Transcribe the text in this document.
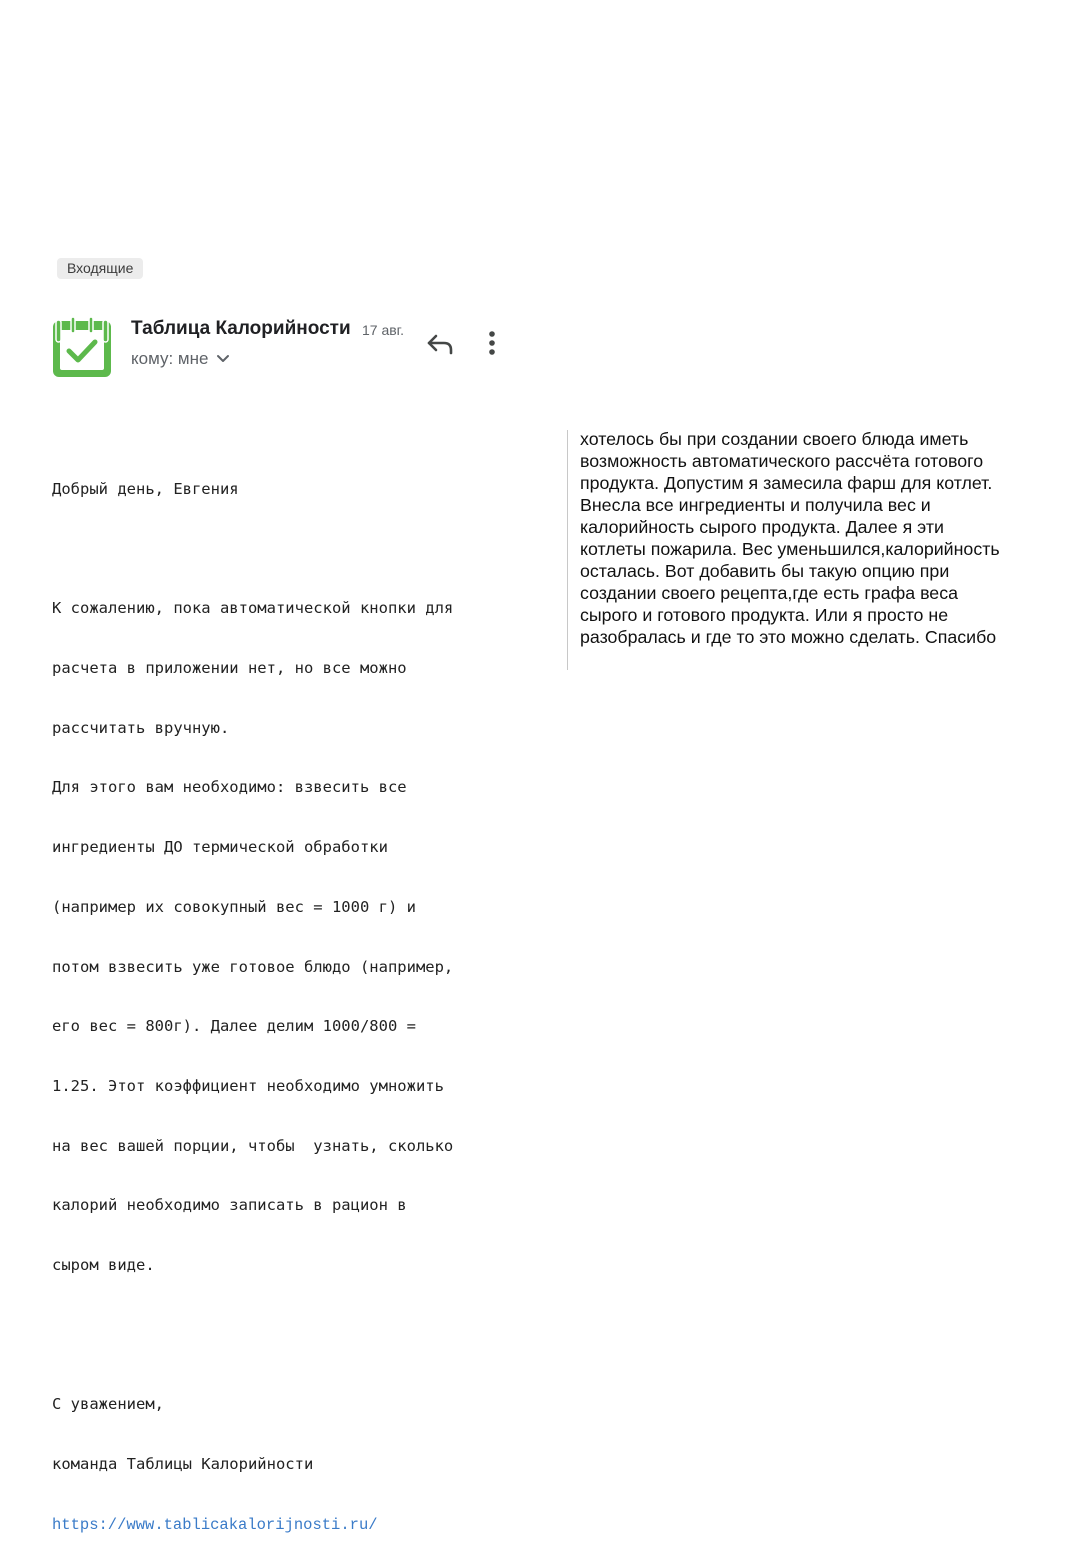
Входящие
Таблица Калорийности 17 авг.
кому: мне

Добрый день, Евгения

К сожалению, пока автоматической кнопки для

расчета в приложении нет, но все можно

рассчитать вручную.

Для этого вам необходимо: взвесить все

ингредиенты ДО термической обработки

(например их совокупный вес = 1000 г) и

потом взвесить уже готовое блюдо (например,

его вес = 800г). Далее делим 1000/800 =

1.25. Этот коэффициент необходимо умножить

на вес вашей порции, чтобы  узнать, сколько

калорий необходимо записать в рацион в

сыром виде.

С уважением,

команда Таблицы Калорийности

https://www.tablicakalorijnosti.ru/

хотелось бы при создании своего блюда иметь

возможность автоматического рассчёта готового

продукта. Допустим я замесила фарш для котлет.

Внесла все ингредиенты и получила вес и

калорийность сырого продукта. Далее я эти

котлеты пожарила. Вес уменьшился,калорийность

осталась. Вот добавить бы такую опцию при

создании своего рецепта,где есть графа веса

сырого и готового продукта. Или я просто не

разобралась и где то это можно сделать. Спасибо
